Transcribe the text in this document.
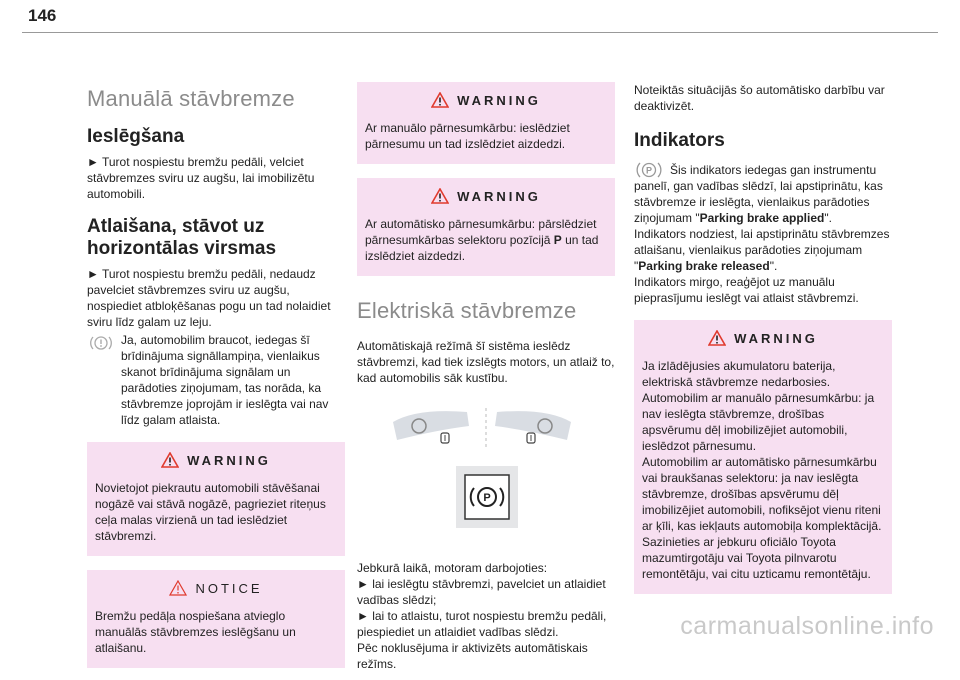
146
Manuālā stāvbremze
Ieslēgšana

► Turot nospiestu bremžu pedāli, velciet stāvbremzes sviru uz augšu, lai imobilizētu automobili.

Atlaišana, stāvot uz horizontālas virsmas

► Turot nospiestu bremžu pedāli, nedaudz pavelciet stāvbremzes sviru uz augšu, nospiediet atbloķēšanas pogu un tad nolaidiet sviru līdz galam uz leju.

Ja, automobilim braucot, iedegas šī brīdinājuma signāllampiņa, vienlaikus skanot brīdinājuma signālam un parādoties ziņojumam, tas norāda, ka stāvbremze joprojām ir ieslēgta vai nav līdz galam atlaista.

WARNING

Novietojot piekrautu automobili stāvēšanai nogāzē vai stāvā nogāzē, pagrieziet riteņus ceļa malas virzienā un tad ieslēdziet stāvbremzi.

NOTICE

Bremžu pedāļa nospiešana atvieglo manuālās stāvbremzes ieslēgšanu un atlaišanu.

WARNING

Ar manuālo pārnesumkārbu: ieslēdziet pārnesumu un tad izslēdziet aizdedzi.

WARNING

Ar automātisko pārnesumkārbu: pārslēdziet pārnesumkārbas selektoru pozīcijā P un tad izslēdziet aizdedzi.

Elektriskā stāvbremze

Automātiskajā režīmā šī sistēma ieslēdz stāvbremzi, kad tiek izslēgts motors, un atlaiž to, kad automobilis sāk kustību.

P

Jebkurā laikā, motoram darbojoties:

► lai ieslēgtu stāvbremzi, pavelciet un atlaidiet vadības slēdzi;

► lai to atlaistu, turot nospiestu bremžu pedāli, piespiediet un atlaidiet vadības slēdzi.

Pēc noklusējuma ir aktivizēts automātiskais režīms.

Noteiktās situācijās šo automātisko darbību var deaktivizēt.

Indikators
P	Šis indikators iedegas gan instrumentu panelī, gan vadības slēdzī, lai apstiprinātu, kas stāvbremze ir ieslēgta, vienlaikus parādoties ziņojumam "Parking brake applied".
Indikators nodziest, lai apstiprinātu stāvbremzes atlaišanu, vienlaikus parādoties ziņojumam "Parking brake released".
Indikators mirgo, reaģējot uz manuālu pieprasījumu ieslēgt vai atlaist stāvbremzi.

WARNING

Ja izlādējusies akumulatoru baterija, elektriskā stāvbremze nedarbosies.
Automobilim ar manuālo pārnesumkārbu: ja nav ieslēgta stāvbremze, drošības apsvērumu dēļ imobilizējiet automobili, ieslēdzot pārnesumu.
Automobilim ar automātisko pārnesumkārbu vai braukšanas selektoru: ja nav ieslēgta stāvbremze, drošības apsvērumu dēļ imobilizējiet automobili, nofiksējot vienu riteni ar ķīli, kas iekļauts automobiļa komplektācijā.
Sazinieties ar jebkuru oficiālo Toyota mazumtirgotāju vai Toyota pilnvarotu remontētāju, vai citu uzticamu remontētāju.

carmanualsonline.info
